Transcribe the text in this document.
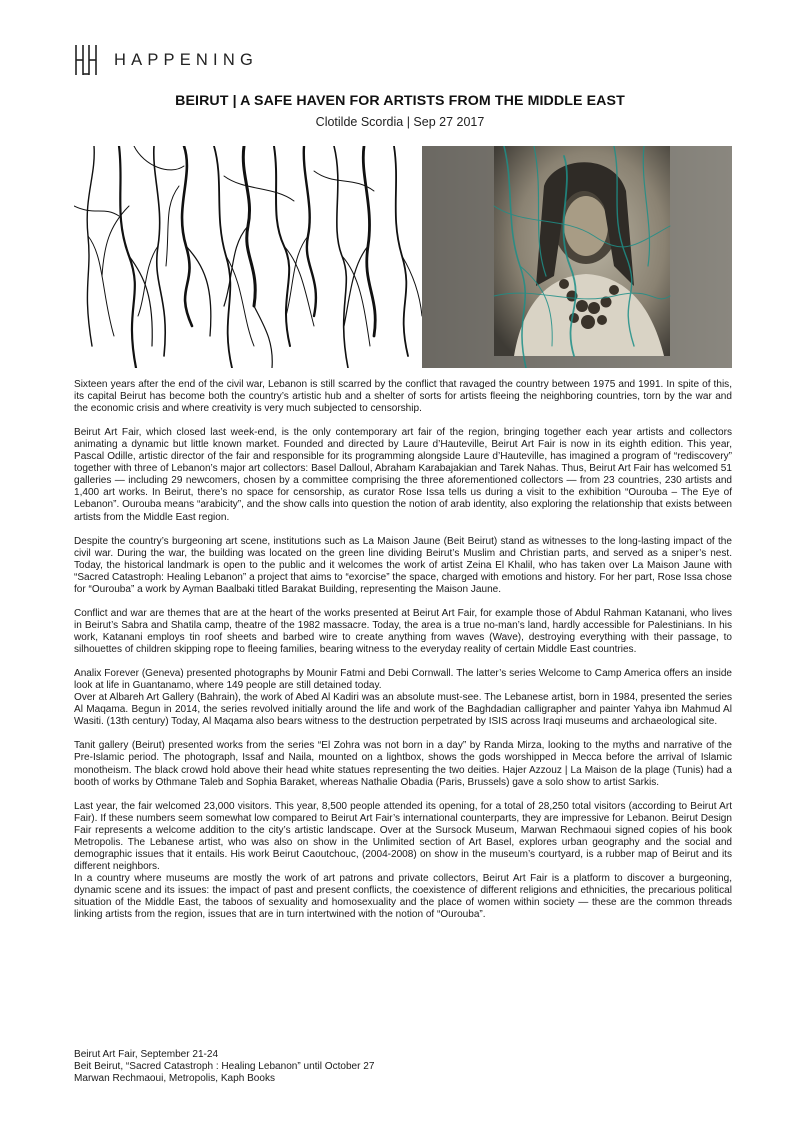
HAPPENING
BEIRUT | A SAFE HAVEN FOR ARTISTS FROM THE MIDDLE EAST
Clotilde Scordia | Sep 27 2017

Sixteen years after the end of the civil war, Lebanon is still scarred by the conflict that ravaged the country between 1975 and 1991. In spite of this, its capital Beirut has become both the country’s artistic hub and a shelter of sorts for artists fleeing the neighboring countries, torn by the war and the economic crisis and where creativity is very much subjected to censorship.

Beirut Art Fair, which closed last week-end, is the only contemporary art fair of the region, bringing together each year artists and collectors animating a dynamic but little known market. Founded and directed by Laure d’Hauteville, Beirut Art Fair is now in its eighth edition. This year, Pascal Odille, artistic director of the fair and responsible for its programming alongside Laure d’Hauteville, has imagined a program of “rediscovery” together with three of Lebanon’s major art collectors: Basel Dalloul, Abraham Karabajakian and Tarek Nahas. Thus, Beirut Art Fair has welcomed 51 galleries — including 29 newcomers, chosen by a committee comprising the three aforementioned collectors — from 23 countries, 230 artists and 1,400 art works. In Beirut, there’s no space for censorship, as curator Rose Issa tells us during a visit to the exhibition “Ourouba – The Eye of Lebanon”. Ourouba means “arabicity”, and the show calls into question the notion of arab identity, also exploring the relationship that exists between artists from the Middle East region.

Despite the country’s burgeoning art scene, institutions such as La Maison Jaune (Beit Beirut) stand as witnesses to the long-lasting impact of the civil war. During the war, the building was located on the green line dividing Beirut’s Muslim and Christian parts, and served as a sniper’s nest. Today, the historical landmark is open to the public and it welcomes the work of artist Zeina El Khalil, who has taken over La Maison Jaune with “Sacred Catastroph: Healing Lebanon” a project that aims to “exorcise” the space, charged with emotions and history. For her part, Rose Issa chose for “Ourouba” a work by Ayman Baalbaki titled Barakat Building, representing the Maison Jaune.

Conflict and war are themes that are at the heart of the works presented at Beirut Art Fair, for example those of Abdul Rahman Katanani, who lives in Beirut’s Sabra and Shatila camp, theatre of the 1982 massacre. Today, the area is a true no-man’s land, hardly accessible for Palestinians. In his work, Katanani employs tin roof sheets and barbed wire to create anything from waves (Wave), destroying everything with their passage, to silhouettes of children skipping rope to fleeing families, bearing witness to the everyday reality of certain Middle East countries.

Analix Forever (Geneva) presented photographs by Mounir Fatmi and Debi Cornwall. The latter’s series Welcome to Camp America offers an inside look at life in Guantanamo, where 149 people are still detained today.

Over at Albareh Art Gallery (Bahrain), the work of Abed Al Kadiri was an absolute must-see. The Lebanese artist, born in 1984, presented the series Al Maqama. Begun in 2014, the series revolved initially around the life and work of the Baghdadian calligrapher and painter Yahya ibn Mahmud Al Wasiti. (13th century) Today, Al Maqama also bears witness to the destruction perpetrated by ISIS across Iraqi museums and archaeological site.

Tanit gallery (Beirut) presented works from the series “El Zohra was not born in a day” by Randa Mirza, looking to the myths and narrative of the Pre-Islamic period. The photograph, Issaf and Naila, mounted on a lightbox, shows the gods worshipped in Mecca before the arrival of Islamic monotheism. The black crowd hold above their head white statues representing the two deities. Hajer Azzouz | La Maison de la plage (Tunis) had a booth of works by Othmane Taleb and Sophia Baraket, whereas Nathalie Obadia (Paris, Brussels) gave a solo show to artist Sarkis.

Last year, the fair welcomed 23,000 visitors. This year, 8,500 people attended its opening, for a total of 28,250 total visitors (according to Beirut Art Fair). If these numbers seem somewhat low compared to Beirut Art Fair’s international counterparts, they are impressive for Lebanon. Beirut Design Fair represents a welcome addition to the city’s artistic landscape. Over at the Sursock Museum, Marwan Rechmaoui signed copies of his book Metropolis. The Lebanese artist, who was also on show in the Unlimited section of Art Basel, explores urban geography and the social and demographic issues that it entails. His work Beirut Caoutchouc, (2004-2008) on show in the museum’s courtyard, is a rubber map of Beirut and its different neighbors.

In a country where museums are mostly the work of art patrons and private collectors, Beirut Art Fair is a platform to discover a burgeoning, dynamic scene and its issues: the impact of past and present conflicts, the coexistence of different religions and ethnicities, the precarious political situation of the Middle East, the taboos of sexuality and homosexuality and the place of women within society — these are the common threads linking artists from the region, issues that are in turn intertwined with the notion of “Ourouba”.

Beirut Art Fair, September 21-24
Beit Beirut, “Sacred Catastroph : Healing Lebanon” until October 27
Marwan Rechmaoui, Metropolis, Kaph Books
